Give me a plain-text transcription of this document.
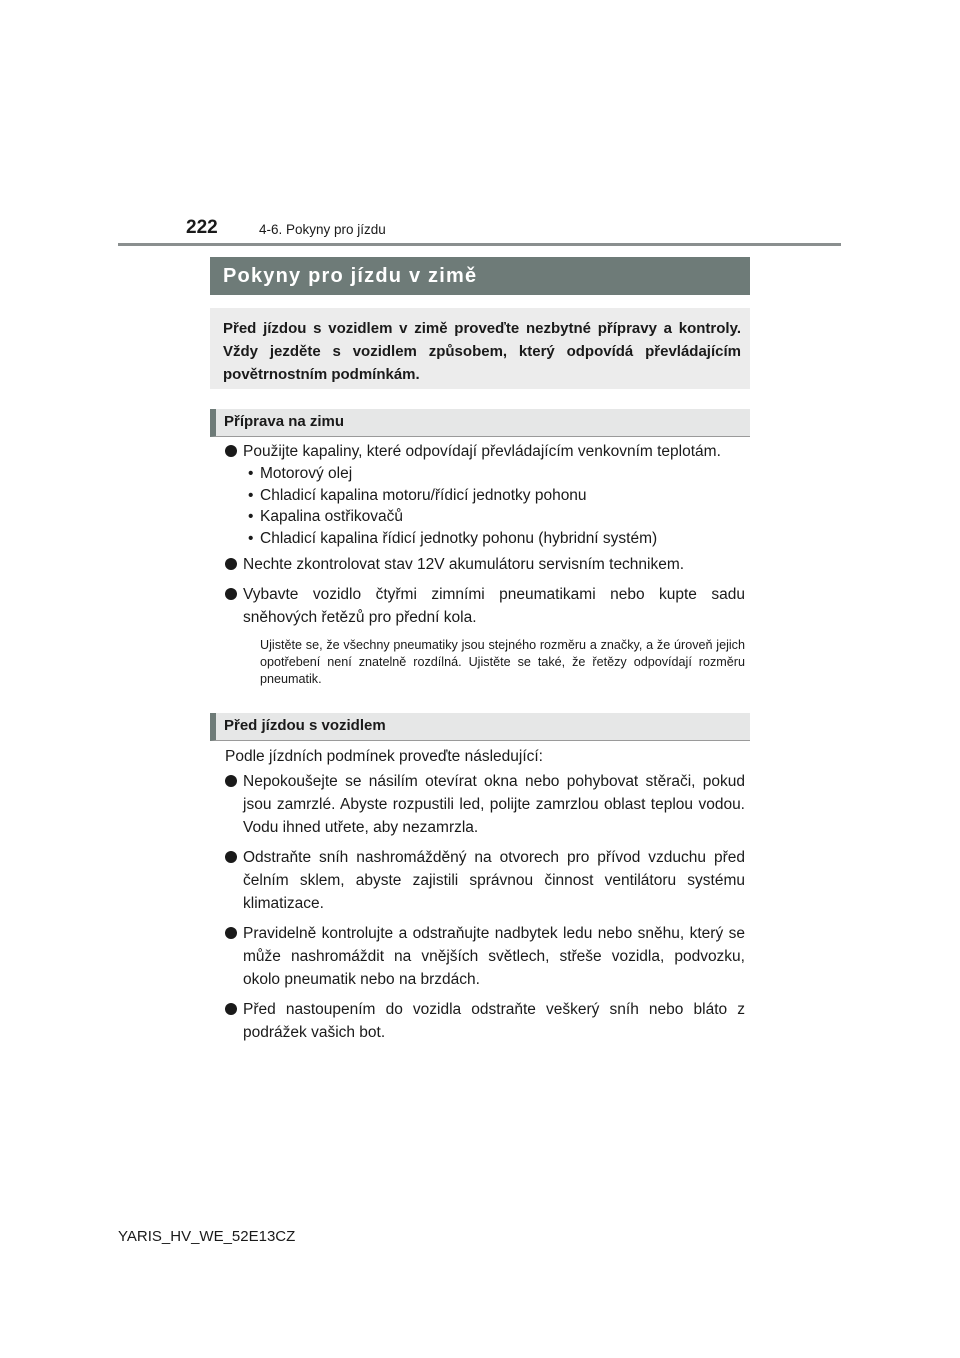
222	4-6. Pokyny pro jízdu
Pokyny pro jízdu v zimě
Před jízdou s vozidlem v zimě proveďte nezbytné přípravy a kontroly. Vždy jezděte s vozidlem způsobem, který odpovídá převládajícím povětrnostním podmínkám.
Příprava na zimu
Použijte kapaliny, které odpovídají převládajícím venkovním teplotám.
• Motorový olej
• Chladicí kapalina motoru/řídicí jednotky pohonu
• Kapalina ostřikovačů
• Chladicí kapalina řídicí jednotky pohonu (hybridní systém)
Nechte zkontrolovat stav 12V akumulátoru servisním technikem.
Vybavte vozidlo čtyřmi zimními pneumatikami nebo kupte sadu sněhových řetězů pro přední kola.
Ujistěte se, že všechny pneumatiky jsou stejného rozměru a značky, a že úroveň jejich opotřebení není znatelně rozdílná. Ujistěte se také, že řetězy odpovídají rozměru pneumatik.
Před jízdou s vozidlem
Podle jízdních podmínek proveďte následující:
Nepokoušejte se násilím otevírat okna nebo pohybovat stěrači, pokud jsou zamrzlé. Abyste rozpustili led, polijte zamrzlou oblast teplou vodou. Vodu ihned utřete, aby nezamrzla.
Odstraňte sníh nashromážděný na otvorech pro přívod vzduchu před čelním sklem, abyste zajistili správnou činnost ventilátoru systému klimatizace.
Pravidelně kontrolujte a odstraňujte nadbytek ledu nebo sněhu, který se může nashromáždit na vnějších světlech, střeše vozidla, podvozku, okolo pneumatik nebo na brzdách.
Před nastoupením do vozidla odstraňte veškerý sníh nebo bláto z podrážek vašich bot.
YARIS_HV_WE_52E13CZ
